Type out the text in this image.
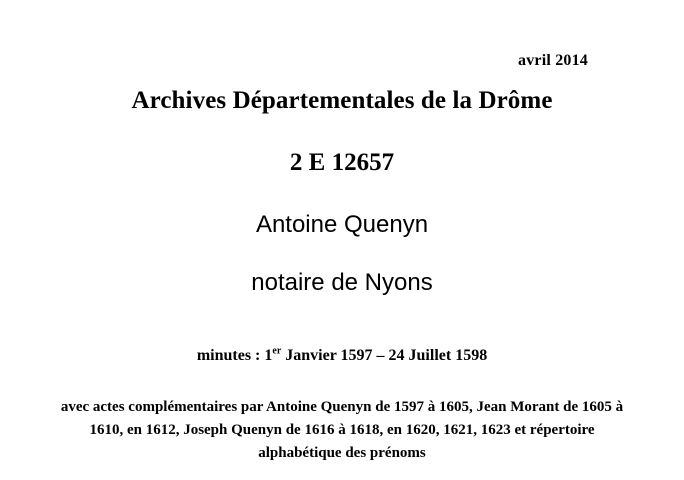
avril 2014
Archives Départementales de la Drôme
2 E 12657
Antoine Quenyn
notaire de Nyons
minutes : 1er Janvier 1597 – 24 Juillet 1598
avec actes complémentaires par Antoine Quenyn de 1597 à 1605, Jean Morant de 1605 à 1610, en 1612, Joseph Quenyn de 1616 à 1618, en 1620, 1621, 1623 et répertoire alphabétique des prénoms
